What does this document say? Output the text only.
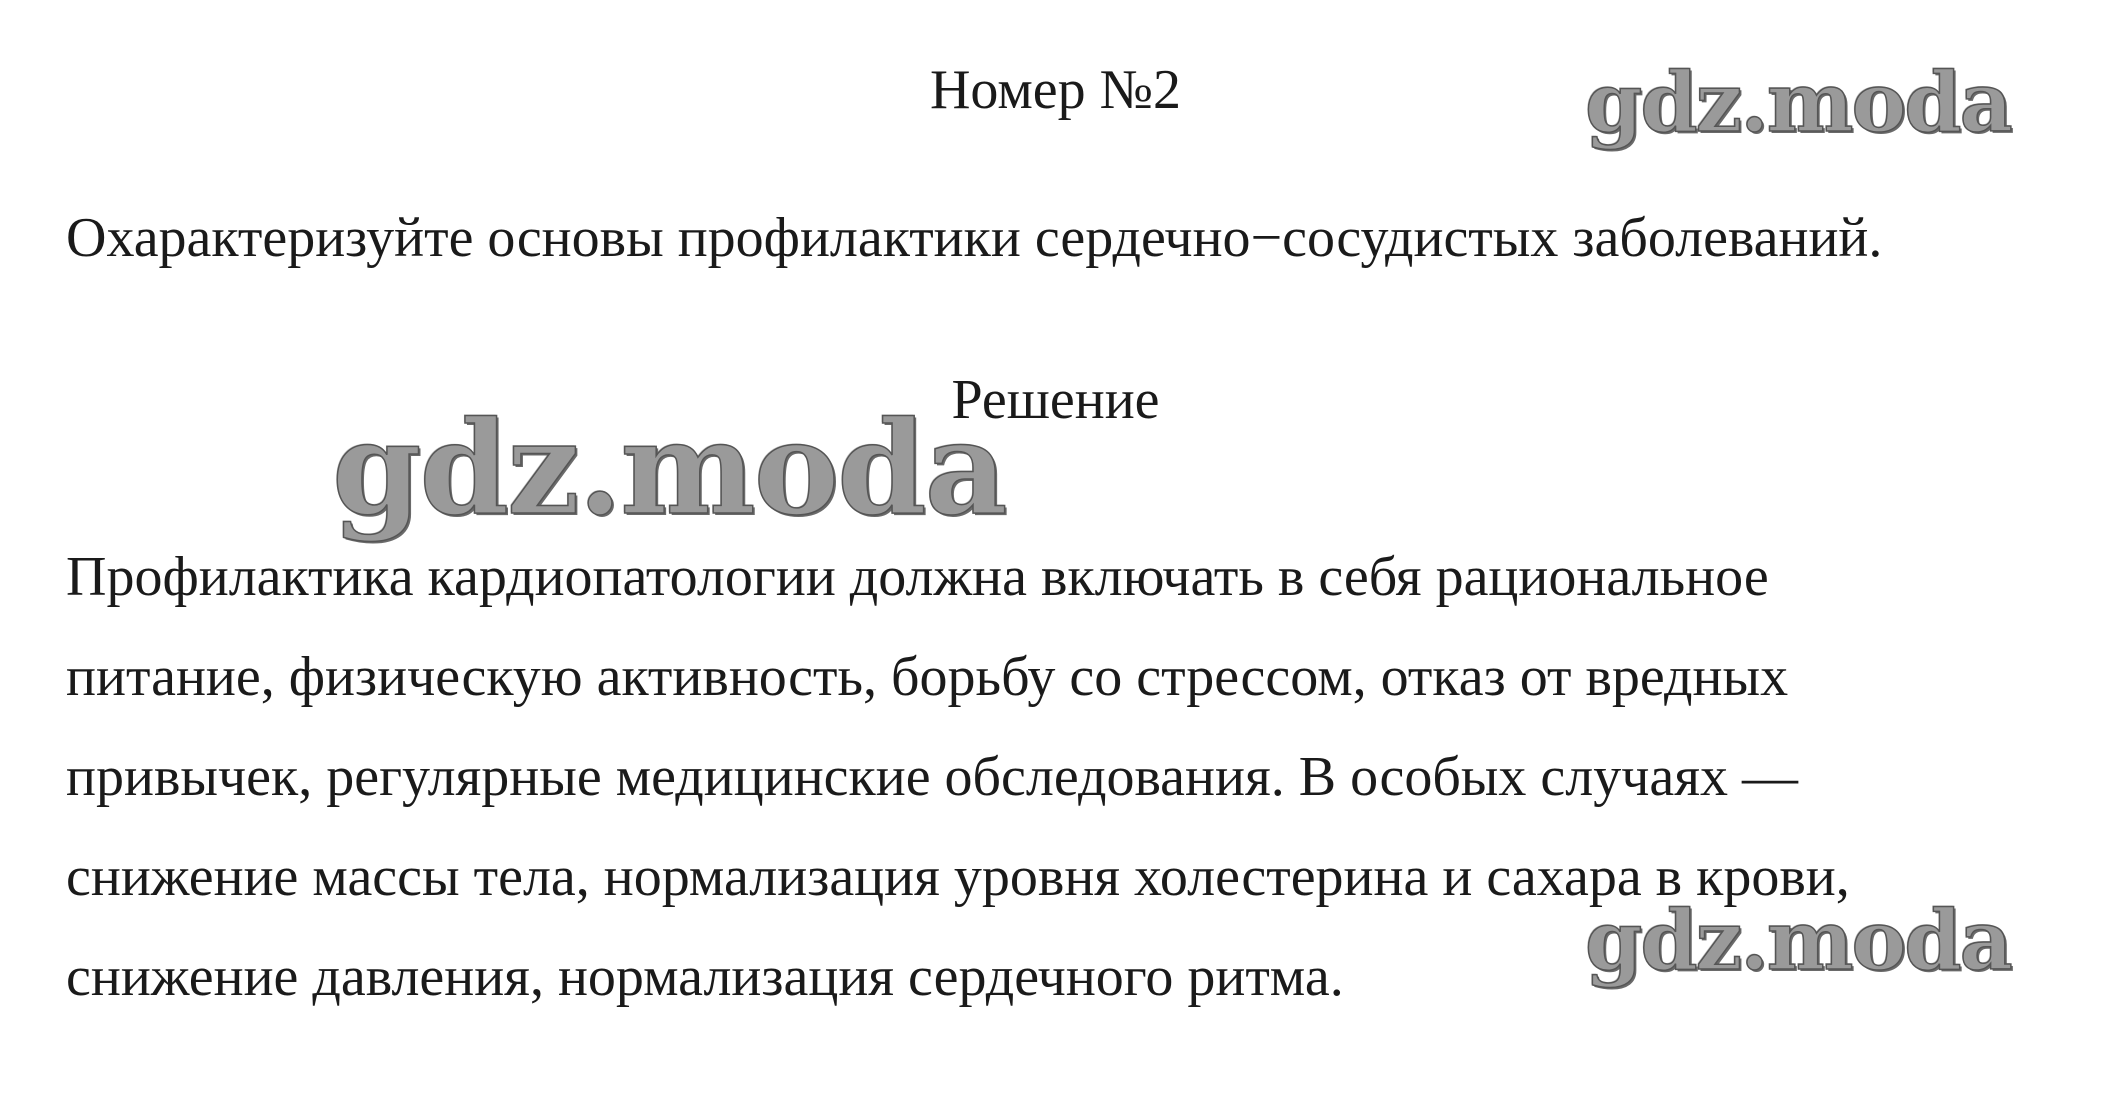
Номер №2	gdz.moda
Охарактеризуйте основы профилактики сердечно−сосудистых заболеваний.
Решение
gdz.moda
Профилактика кардиопатологии должна включать в себя рациональное
питание, физическую активность, борьбу со стрессом, отказ от вредных
привычек, регулярные медицинские обследования. В особых случаях —
снижение массы тела, нормализация уровня холестерина и сахара в крови,
снижение давления, нормализация сердечного ритма.	gdz.moda
